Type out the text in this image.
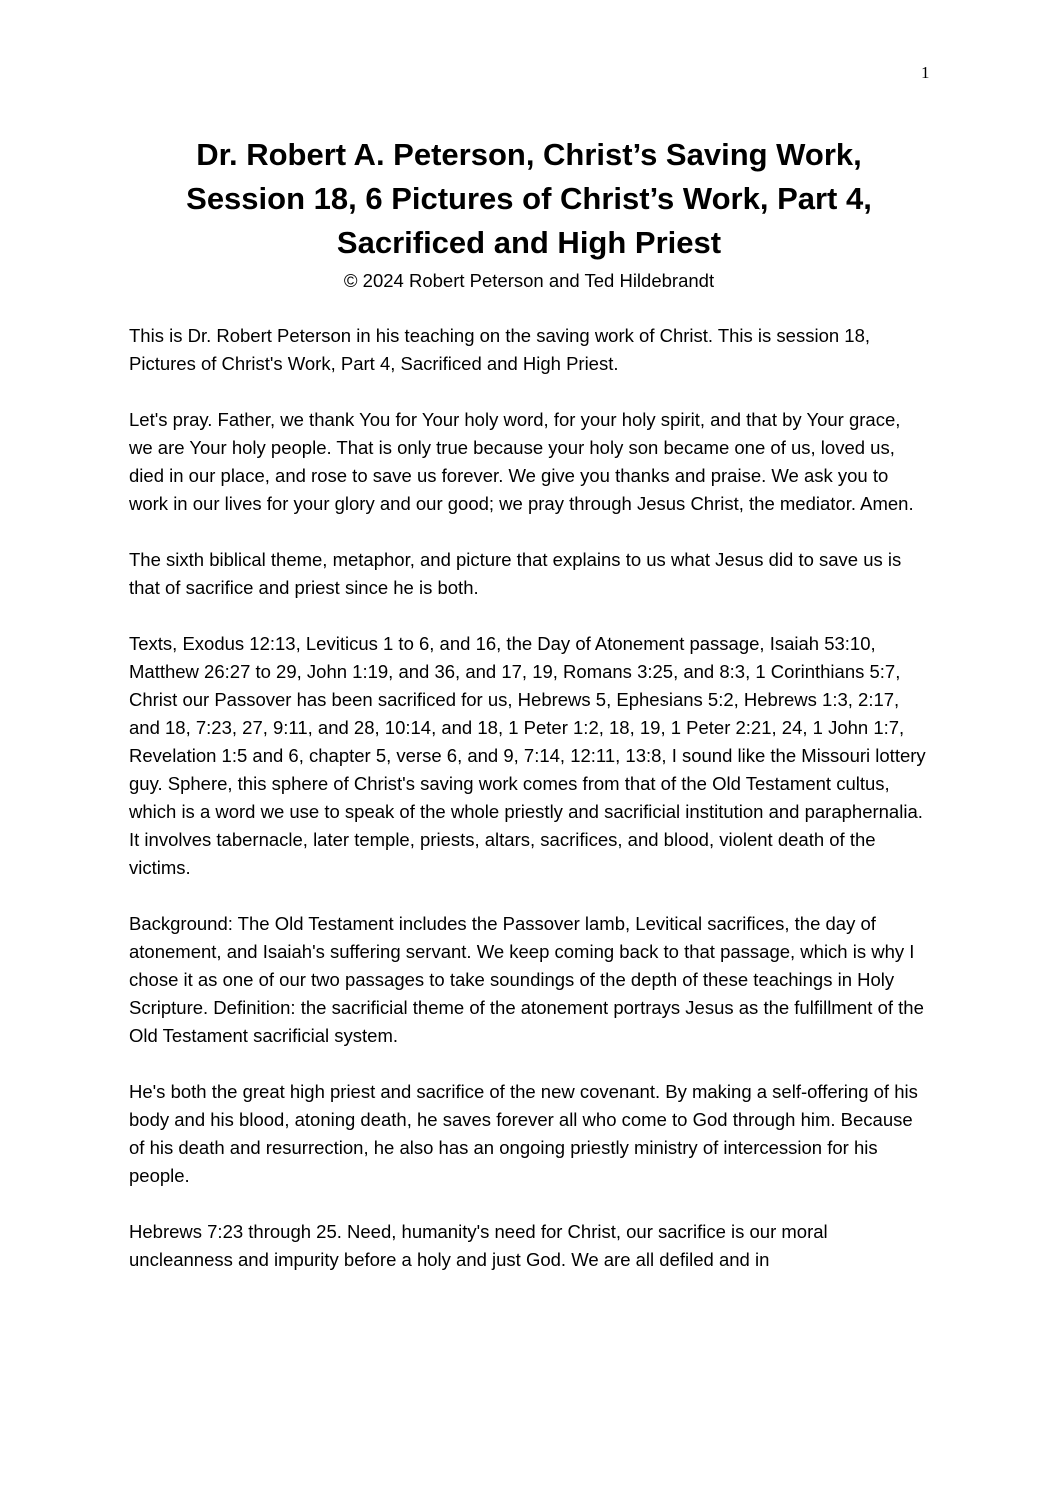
1
Dr. Robert A. Peterson, Christ’s Saving Work,
Session 18, 6 Pictures of Christ’s Work, Part 4,
Sacrificed and High Priest
© 2024 Robert Peterson and Ted Hildebrandt

This is Dr. Robert Peterson in his teaching on the saving work of Christ. This is session 18, Pictures of Christ's Work, Part 4, Sacrificed and High Priest.

Let's pray. Father, we thank You for Your holy word, for your holy spirit, and that by Your grace, we are Your holy people. That is only true because your holy son became one of us, loved us, died in our place, and rose to save us forever. We give you thanks and praise. We ask you to work in our lives for your glory and our good; we pray through Jesus Christ, the mediator. Amen.

The sixth biblical theme, metaphor, and picture that explains to us what Jesus did to save us is that of sacrifice and priest since he is both.

Texts, Exodus 12:13, Leviticus 1 to 6, and 16, the Day of Atonement passage, Isaiah 53:10, Matthew 26:27 to 29, John 1:19, and 36, and 17, 19, Romans 3:25, and 8:3, 1 Corinthians 5:7, Christ our Passover has been sacrificed for us, Hebrews 5, Ephesians 5:2, Hebrews 1:3, 2:17, and 18, 7:23, 27, 9:11, and 28, 10:14, and 18, 1 Peter 1:2, 18, 19, 1 Peter 2:21, 24, 1 John 1:7, Revelation 1:5 and 6, chapter 5, verse 6, and 9, 7:14, 12:11, 13:8, I sound like the Missouri lottery guy. Sphere, this sphere of Christ's saving work comes from that of the Old Testament cultus, which is a word we use to speak of the whole priestly and sacrificial institution and paraphernalia. It involves tabernacle, later temple, priests, altars, sacrifices, and blood, violent death of the victims.

Background: The Old Testament includes the Passover lamb, Levitical sacrifices, the day of atonement, and Isaiah's suffering servant. We keep coming back to that passage, which is why I chose it as one of our two passages to take soundings of the depth of these teachings in Holy Scripture. Definition: the sacrificial theme of the atonement portrays Jesus as the fulfillment of the Old Testament sacrificial system.

He's both the great high priest and sacrifice of the new covenant. By making a self-offering of his body and his blood, atoning death, he saves forever all who come to God through him. Because of his death and resurrection, he also has an ongoing priestly ministry of intercession for his people.

Hebrews 7:23 through 25. Need, humanity's need for Christ, our sacrifice is our moral uncleanness and impurity before a holy and just God. We are all defiled and in
